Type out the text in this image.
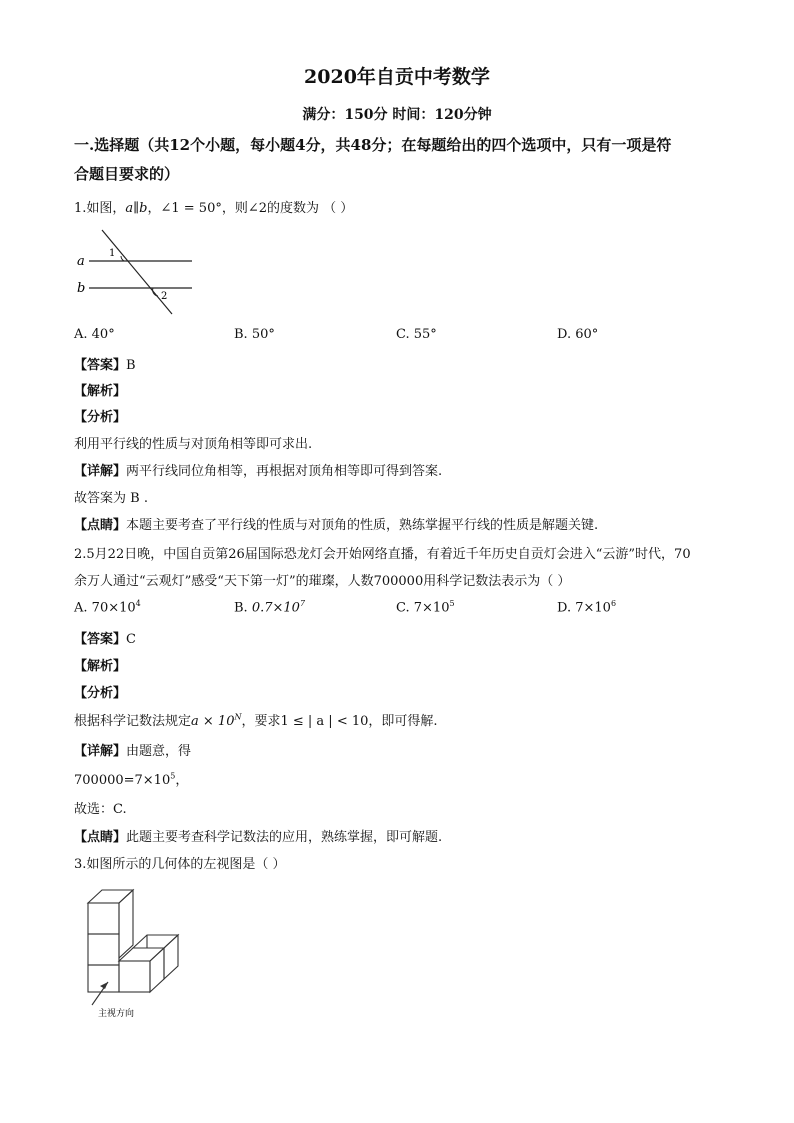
2020年自贡中考数学
满分：150分 时间：120分钟
一.选择题（共12个小题，每小题4分，共48分；在每题给出的四个选项中，只有一项是符
合题目要求的）
1.如图，a∥b，∠1 = 50°，则∠2的度数为 （ ）
a
b
1
2
A. 40°	B. 50°	C. 55°	D. 60°
【答案】B
【解析】
【分析】
利用平行线的性质与对顶角相等即可求出.
【详解】两平行线同位角相等，再根据对顶角相等即可得到答案.
故答案为 B .
【点睛】本题主要考查了平行线的性质与对顶角的性质，熟练掌握平行线的性质是解题关键.
2.5月22日晚，中国自贡第26届国际恐龙灯会开始网络直播，有着近千年历史自贡灯会进入“云游”时代，70
余万人通过“云观灯”感受“天下第一灯”的璀璨，人数700000用科学记数法表示为（ ）
A. $70\times 10^4$	B. $0.7\times 10^7$	C. $7\times 10^5$	D. $7\times 10^6$
【答案】C
【解析】
【分析】
根据科学记数法规定$a \times 10^N$，要求1 ≤ | a | < 10，即可得解.
【详解】由题意，得
$700000=7\times 10^5$，
故选：C.
【点睛】此题主要考查科学记数法的应用，熟练掌握，即可解题.
3.如图所示的几何体的左视图是（ ）
主视方向
